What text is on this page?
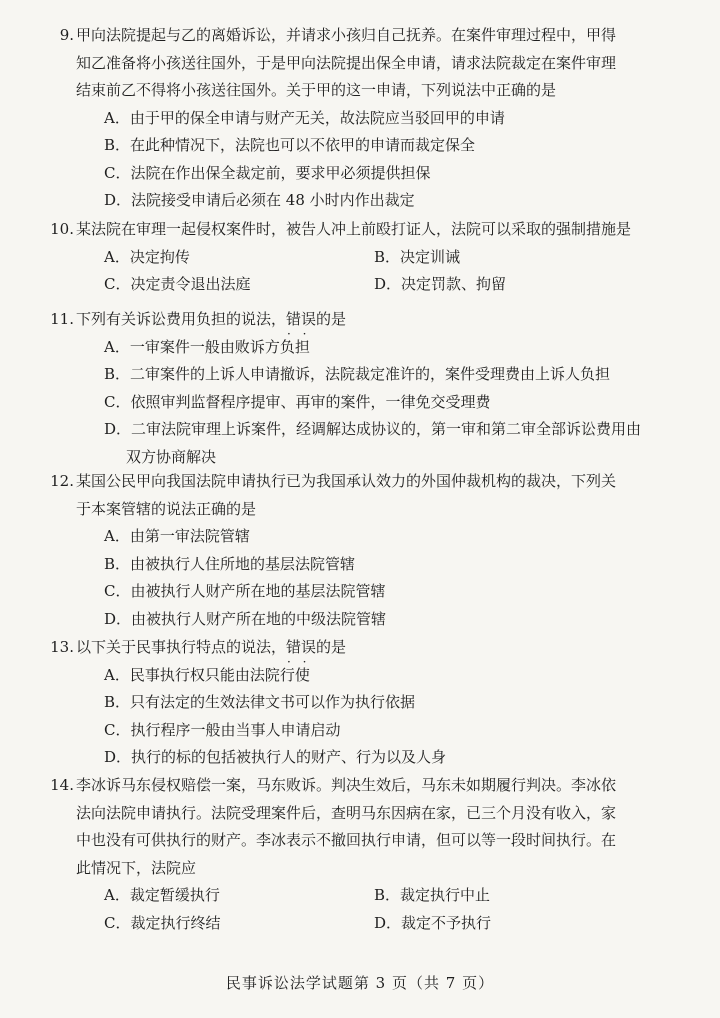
9. 甲向法院提起与乙的离婚诉讼，并请求小孩归自己抚养。在案件审理过程中，甲得
知乙准备将小孩送往国外，于是甲向法院提出保全申请，请求法院裁定在案件审理
结束前乙不得将小孩送往国外。关于甲的这一申请，下列说法中正确的是
A．由于甲的保全申请与财产无关，故法院应当驳回甲的申请
B．在此种情况下，法院也可以不依甲的申请而裁定保全
C．法院在作出保全裁定前，要求甲必须提供担保
D．法院接受申请后必须在 48 小时内作出裁定
10. 某法院在审理一起侵权案件时，被告人冲上前殴打证人，法院可以采取的强制措施是
A．决定拘传	B．决定训诫
C．决定责令退出法庭	D．决定罚款、拘留
11. 下列有关诉讼费用负担的说法，错误 · ·的是
A．一审案件一般由败诉方负担
B．二审案件的上诉人申请撤诉，法院裁定准许的，案件受理费由上诉人负担
C．依照审判监督程序提审、再审的案件，一律免交受理费
D．二审法院审理上诉案件，经调解达成协议的，第一审和第二审全部诉讼费用由
双方协商解决
12. 某国公民甲向我国法院申请执行已为我国承认效力的外国仲裁机构的裁决，下列关
于本案管辖的说法正确的是
A．由第一审法院管辖
B．由被执行人住所地的基层法院管辖
C．由被执行人财产所在地的基层法院管辖
D．由被执行人财产所在地的中级法院管辖
13. 以下关于民事执行特点的说法，错误 · ·的是
A．民事执行权只能由法院行使
B．只有法定的生效法律文书可以作为执行依据
C．执行程序一般由当事人申请启动
D．执行的标的包括被执行人的财产、行为以及人身
14. 李冰诉马东侵权赔偿一案，马东败诉。判决生效后，马东未如期履行判决。李冰依
法向法院申请执行。法院受理案件后，查明马东因病在家，已三个月没有收入，家
中也没有可供执行的财产。李冰表示不撤回执行申请，但可以等一段时间执行。在
此情况下，法院应
A．裁定暂缓执行	B．裁定执行中止
C．裁定执行终结	D．裁定不予执行
民事诉讼法学试题第 3 页（共 7 页）
